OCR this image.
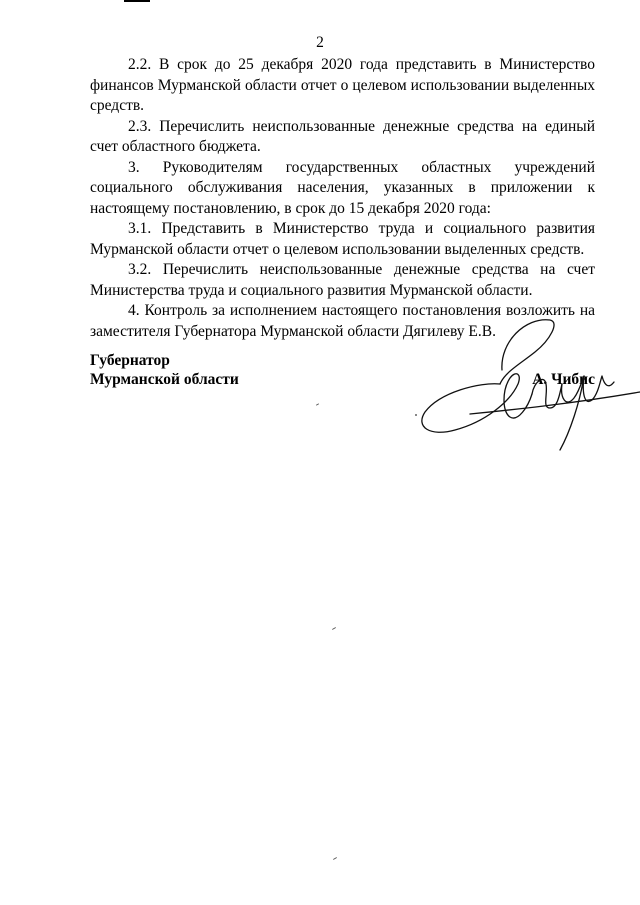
2

2.2. В срок до 25 декабря 2020 года представить в Министерство финансов Мурманской области отчет о целевом использовании выделенных средств.

2.3. Перечислить неиспользованные денежные средства на единый счет областного бюджета.

3. Руководителям государственных областных учреждений социального обслуживания населения, указанных в приложении к настоящему постановлению, в срок до 15 декабря 2020 года:

3.1. Представить в Министерство труда и социального развития Мурманской области отчет о целевом использовании выделенных средств.

3.2. Перечислить неиспользованные денежные средства на счет Министерства труда и социального развития Мурманской области.

4. Контроль за исполнением настоящего постановления возложить на заместителя Губернатора Мурманской области Дягилеву Е.В.

Губернатор
Мурманской области	А. Чибис
